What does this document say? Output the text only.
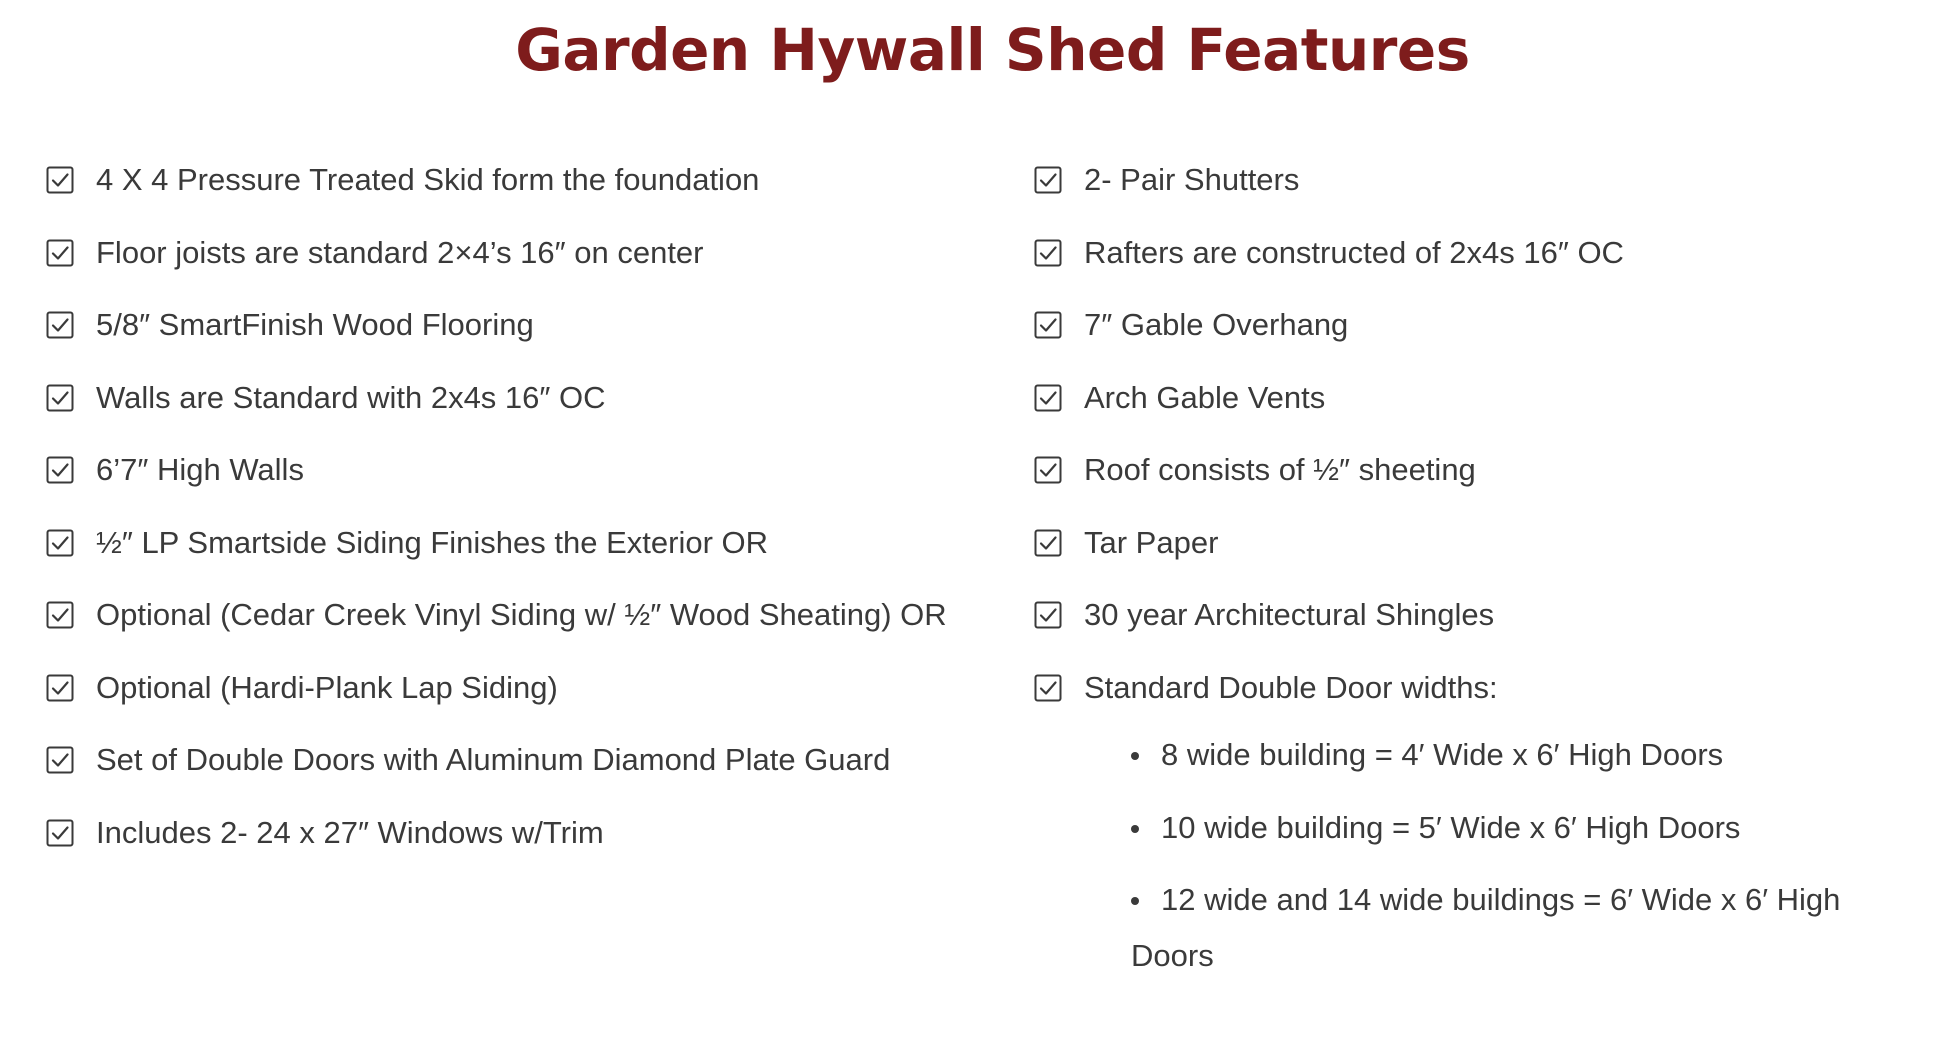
Garden Hywall Shed Features
4 X 4 Pressure Treated Skid form the foundation
Floor joists are standard 2×4’s 16″ on center
5/8″ SmartFinish Wood Flooring
Walls are Standard with 2x4s 16″ OC
6’7″ High Walls
½″ LP Smartside Siding Finishes the Exterior OR
Optional (Cedar Creek Vinyl Siding w/ ½″ Wood Sheating) OR
Optional (Hardi-Plank Lap Siding)
Set of Double Doors with Aluminum Diamond Plate Guard
Includes 2- 24 x 27″ Windows w/Trim
2- Pair Shutters
Rafters are constructed of 2x4s 16″ OC
7″ Gable Overhang
Arch Gable Vents
Roof consists of ½″ sheeting
Tar Paper
30 year Architectural Shingles
Standard Double Door widths:
8 wide building = 4′ Wide x 6′ High Doors
10 wide building = 5′ Wide x 6′ High Doors
12 wide and 14 wide buildings = 6′ Wide x 6′ High Doors
